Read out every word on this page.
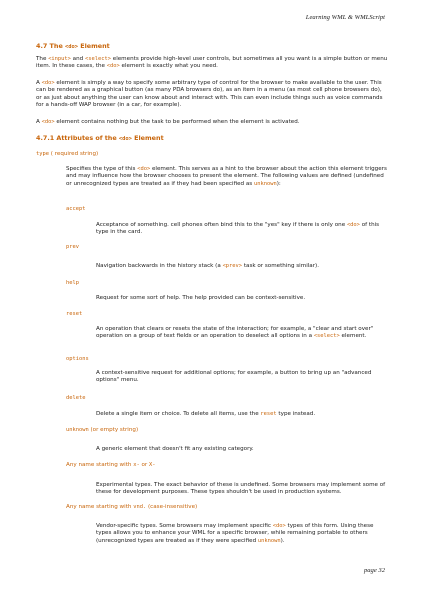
Learning WML & WMLScript
4.7 The <do> Element
The <input> and <select> elements provide high-level user controls, but sometimes all you want is a simple button or menu item. In these cases, the <do> element is exactly what you need.
A <do> element is simply a way to specify some arbitrary type of control for the browser to make available to the user. This can be rendered as a graphical button (as many PDA browsers do), as an item in a menu (as most cell phone browsers do), or as just about anything the user can know about and interact with. This can even include things such as voice commands for a hands-off WAP browser (in a car, for example).
A <do> element contains nothing but the task to be performed when the element is activated.
4.7.1 Attributes of the <do> Element
type ( required string)
Specifies the type of this <do> element. This serves as a hint to the browser about the action this element triggers and may influence how the browser chooses to present the element. The following values are defined (undefined or unrecognized types are treated as if they had been specified as unknown):
accept
Acceptance of something. cell phones often bind this to the "yes" key if there is only one <do> of this type in the card.
prev
Navigation backwards in the history stack (a <prev> task or something similar).
help
Request for some sort of help. The help provided can be context-sensitive.
reset
An operation that clears or resets the state of the interaction; for example, a "clear and start over" operation on a group of text fields or an operation to deselect all options in a <select> element.
options
A context-sensitive request for additional options; for example, a button to bring up an "advanced options" menu.
delete
Delete a single item or choice. To delete all items, use the reset type instead.
unknown (or empty string)
A generic element that doesn't fit any existing category.
Any name starting with x- or X-
Experimental types. The exact behavior of these is undefined. Some browsers may implement some of these for development purposes. These types shouldn't be used in production systems.
Any name starting with vnd. (case-insensitive)
Vendor-specific types. Some browsers may implement specific <do> types of this form. Using these types allows you to enhance your WML for a specific browser, while remaining portable to others (unrecognized types are treated as if they were specified unknown).
page 32
